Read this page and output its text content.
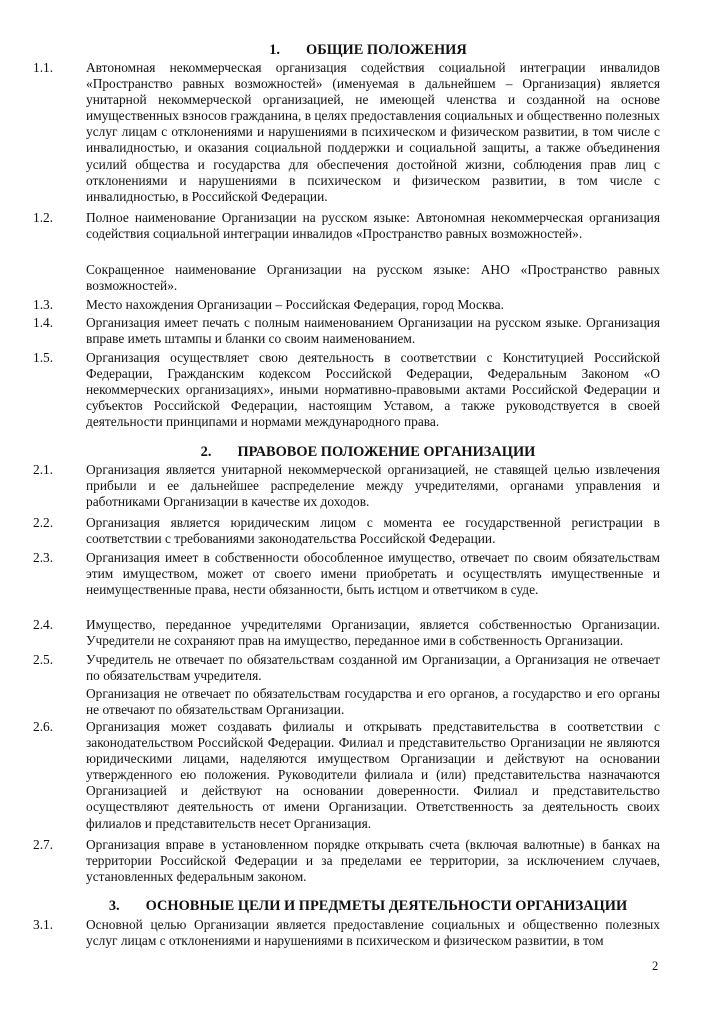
1. ОБЩИЕ ПОЛОЖЕНИЯ
1.1.	Автономная некоммерческая организация содействия социальной интеграции инвалидов «Пространство равных возможностей» (именуемая в дальнейшем – Организация) является унитарной некоммерческой организацией, не имеющей членства и созданной на основе имущественных взносов гражданина, в целях предоставления социальных и общественно полезных услуг лицам с отклонениями и нарушениями в психическом и физическом развитии, в том числе с инвалидностью, и оказания социальной поддержки и социальной защиты, а также объединения усилий общества и государства для обеспечения достойной жизни, соблюдения прав лиц с отклонениями и нарушениями в психическом и физическом развитии, в том числе с инвалидностью, в Российской Федерации.
1.2.	Полное наименование Организации на русском языке: Автономная некоммерческая организация содействия социальной интеграции инвалидов «Пространство равных возможностей».
Сокращенное наименование Организации на русском языке: АНО «Пространство равных возможностей».
1.3.	Место нахождения Организации – Российская Федерация, город Москва.
1.4.	Организация имеет печать с полным наименованием Организации на русском языке. Организация вправе иметь штампы и бланки со своим наименованием.
1.5.	Организация осуществляет свою деятельность в соответствии с Конституцией Российской Федерации, Гражданским кодексом Российской Федерации, Федеральным Законом «О некоммерческих организациях», иными нормативно-правовыми актами Российской Федерации и субъектов Российской Федерации, настоящим Уставом, а также руководствуется в своей деятельности принципами и нормами международного права.
2. ПРАВОВОЕ ПОЛОЖЕНИЕ ОРГАНИЗАЦИИ
2.1.	Организация является унитарной некоммерческой организацией, не ставящей целью извлечения прибыли и ее дальнейшее распределение между учредителями, органами управления и работниками Организации в качестве их доходов.
2.2.	Организация является юридическим лицом с момента ее государственной регистрации в соответствии с требованиями законодательства Российской Федерации.
2.3.	Организация имеет в собственности обособленное имущество, отвечает по своим обязательствам этим имуществом, может от своего имени приобретать и осуществлять имущественные и неимущественные права, нести обязанности, быть истцом и ответчиком в суде.
2.4.	Имущество, переданное учредителями Организации, является собственностью Организации. Учредители не сохраняют прав на имущество, переданное ими в собственность Организации.
2.5.	Учредитель не отвечает по обязательствам созданной им Организации, а Организация не отвечает по обязательствам учредителя.
Организация не отвечает по обязательствам государства и его органов, а государство и его органы не отвечают по обязательствам Организации.
2.6.	Организация может создавать филиалы и открывать представительства в соответствии с законодательством Российской Федерации. Филиал и представительство Организации не являются юридическими лицами, наделяются имуществом Организации и действуют на основании утвержденного ею положения. Руководители филиала и (или) представительства назначаются Организацией и действуют на основании доверенности. Филиал и представительство осуществляют деятельность от имени Организации. Ответственность за деятельность своих филиалов и представительств несет Организация.
2.7.	Организация вправе в установленном порядке открывать счета (включая валютные) в банках на территории Российской Федерации и за пределами ее территории, за исключением случаев, установленных федеральным законом.
3. ОСНОВНЫЕ ЦЕЛИ И ПРЕДМЕТЫ ДЕЯТЕЛЬНОСТИ ОРГАНИЗАЦИИ
3.1.	Основной целью Организации является предоставление социальных и общественно полезных услуг лицам с отклонениями и нарушениями в психическом и физическом развитии, в том
2
